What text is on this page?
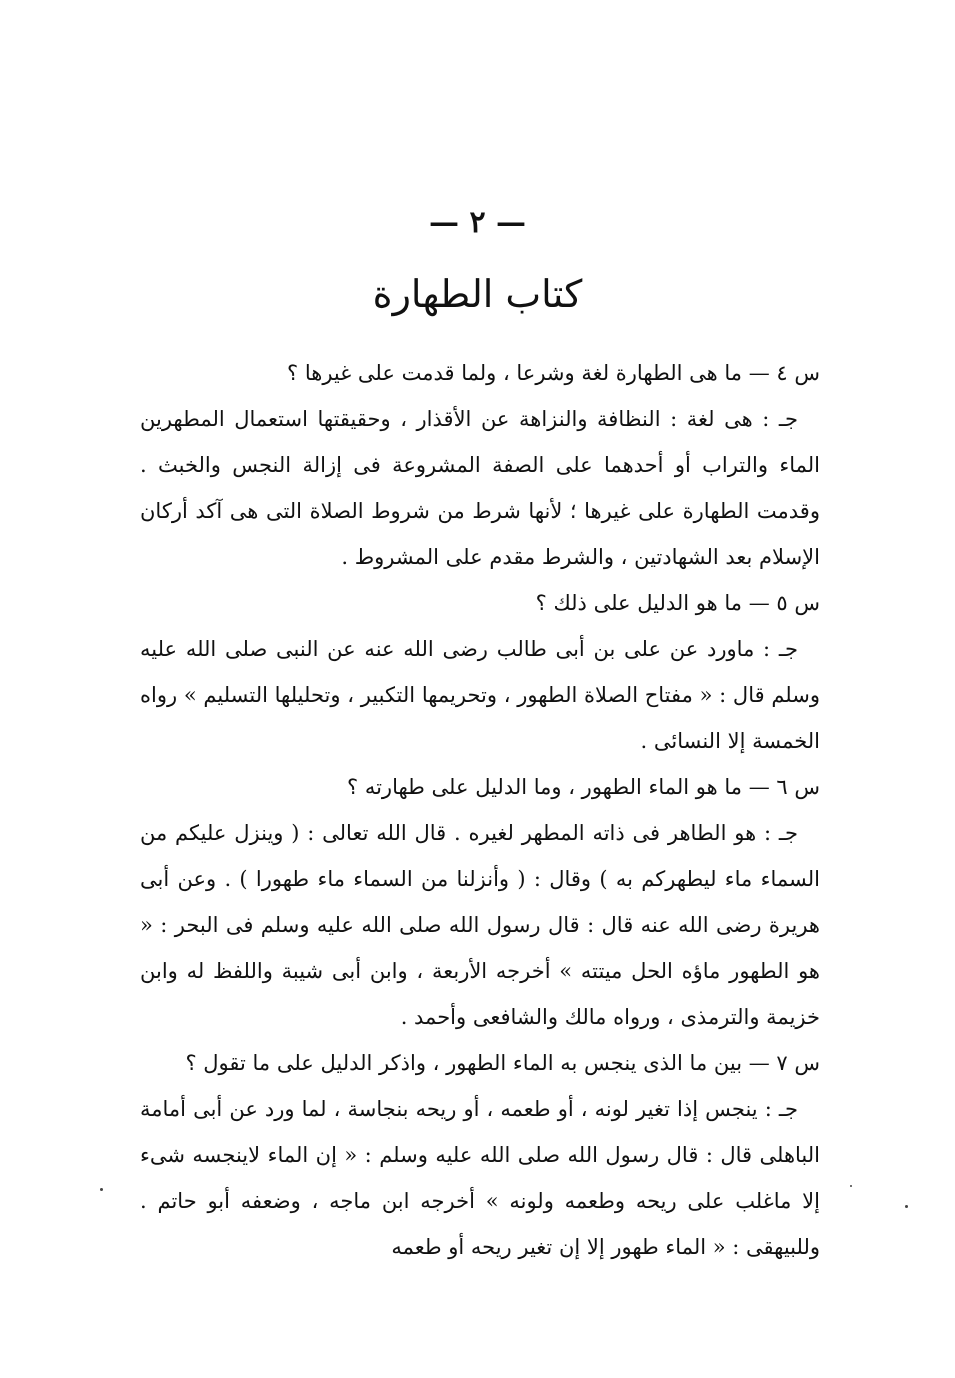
— ٢ —
كتاب الطهارة

س ٤ — ما هى الطهارة لغة وشرعا ، ولما قدمت على غيرها ؟

جـ : هى لغة : النظافة والنزاهة عن الأقذار ، وحقيقتها استعمال المطهرين الماء والتراب أو أحدهما على الصفة المشروعة فى إزالة النجس والخبث . وقدمت الطهارة على غيرها ؛ لأنها شرط من شروط الصلاة التى هى آكد أركان الإسلام بعد الشهادتين ، والشرط مقدم على المشروط .

س ٥ — ما هو الدليل على ذلك ؟

جـ : ماورد عن على بن أبى طالب رضى الله عنه عن النبى صلى الله عليه وسلم قال : « مفتاح الصلاة الطهور ، وتحريمها التكبير ، وتحليلها التسليم » رواه الخمسة إلا النسائى .

س ٦ — ما هو الماء الطهور ، وما الدليل على طهارته ؟

جـ : هو الطاهر فى ذاته المطهر لغيره . قال الله تعالى : ( وينزل عليكم من السماء ماء ليطهركم به ) وقال : ( وأنزلنا من السماء ماء طهورا ) . وعن أبى هريرة رضى الله عنه قال : قال رسول الله صلى الله عليه وسلم فى البحر : « هو الطهور ماؤه الحل ميتته » أخرجه الأربعة ، وابن أبى شيبة واللفظ له وابن خزيمة والترمذى ، ورواه مالك والشافعى وأحمد .

س ٧ — بين ما الذى ينجس به الماء الطهور ، واذكر الدليل على ما تقول ؟

جـ : ينجس إذا تغير لونه ، أو طعمه ، أو ريحه بنجاسة ، لما ورد عن أبى أمامة الباهلى قال : قال رسول الله صلى الله عليه وسلم : « إن الماء لاينجسه شىء إلا ماغلب على ريحه وطعمه ولونه » أخرجه ابن ماجه ، وضعفه أبو حاتم . وللبيهقى : « الماء طهور إلا إن تغير ريحه أو طعمه
